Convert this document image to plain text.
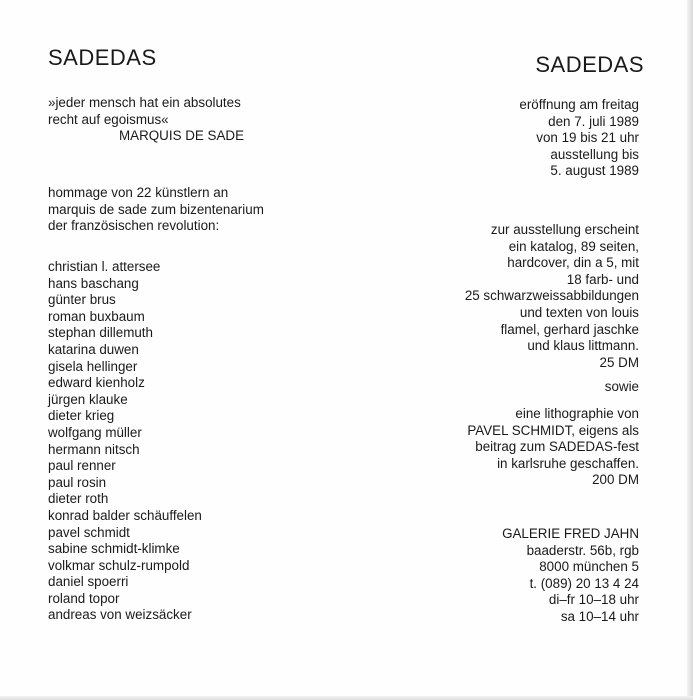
SADEDAS
»jeder mensch hat ein absolutes
recht auf egoismus«
MARQUIS DE SADE
hommage von 22 künstlern an
marquis de sade zum bizentenarium
der französischen revolution:
christian l. attersee
hans baschang
günter brus
roman buxbaum
stephan dillemuth
katarina duwen
gisela hellinger
edward kienholz
jürgen klauke
dieter krieg
wolfgang müller
hermann nitsch
paul renner
paul rosin
dieter roth
konrad balder schäuffelen
pavel schmidt
sabine schmidt-klimke
volkmar schulz-rumpold
daniel spoerri
roland topor
andreas von weizsäcker
SADEDAS
eröffnung am freitag
den 7. juli 1989
von 19 bis 21 uhr
ausstellung bis
5. august 1989
zur ausstellung erscheint
ein katalog, 89 seiten,
hardcover, din a 5, mit
18 farb- und
25 schwarzweissabbildungen
und texten von louis
flamel, gerhard jaschke
und klaus littmann.
25 DM
sowie
eine lithographie von
PAVEL SCHMIDT, eigens als
beitrag zum SADEDAS-fest
in karlsruhe geschaffen.
200 DM
GALERIE FRED JAHN
baaderstr. 56b, rgb
8000 münchen 5
t. (089) 20 13 4 24
di–fr 10–18 uhr
sa 10–14 uhr
